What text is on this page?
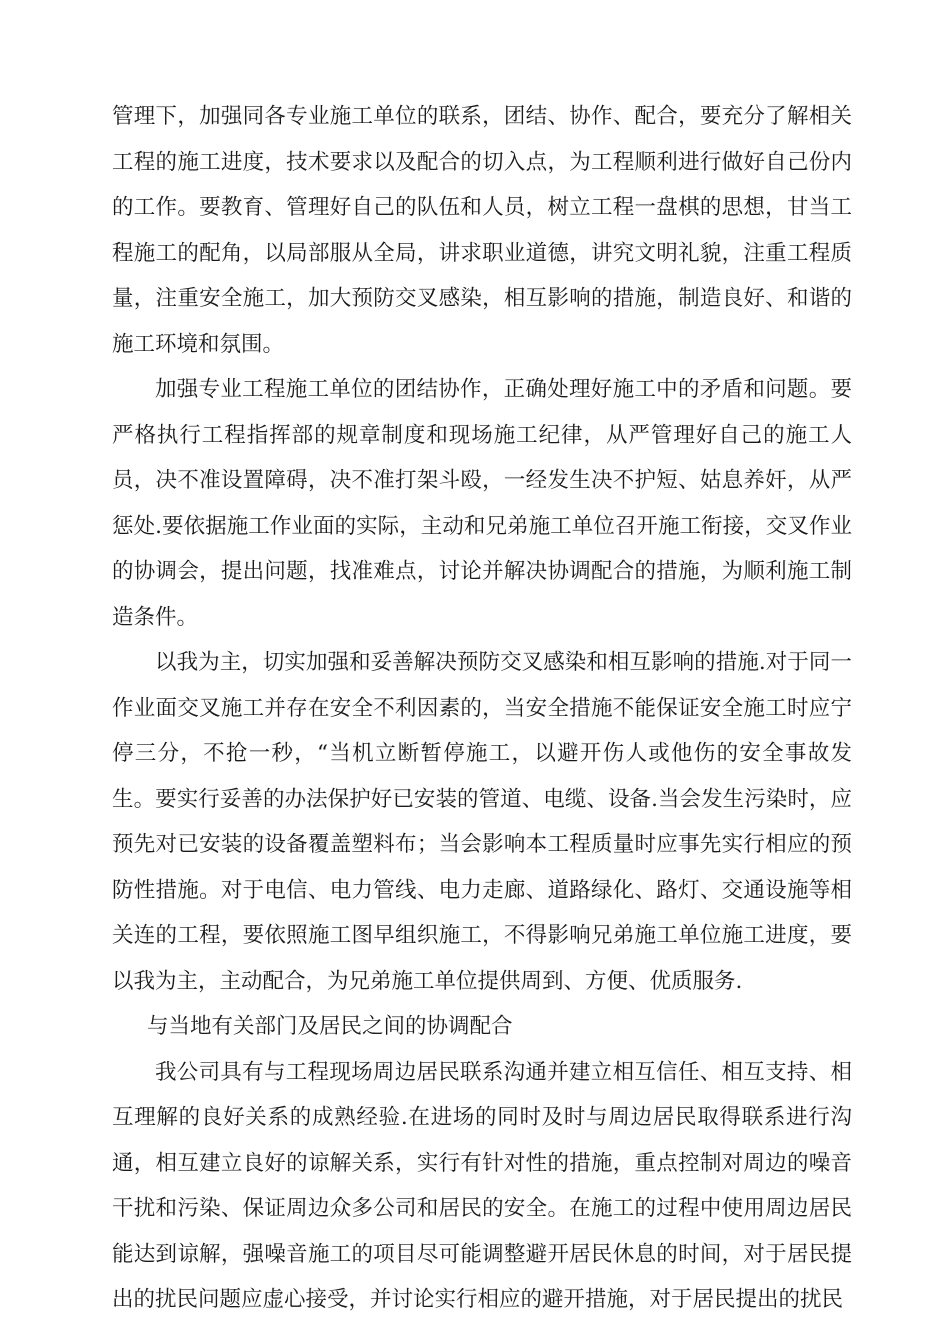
管理下，加强同各专业施工单位的联系，团结、协作、配合，要充分了解相关工程的施工进度，技术要求以及配合的切入点，为工程顺利进行做好自己份内的工作。要教育、管理好自己的队伍和人员，树立工程一盘棋的思想，甘当工程施工的配角，以局部服从全局，讲求职业道德，讲究文明礼貌，注重工程质量，注重安全施工，加大预防交叉感染，相互影响的措施，制造良好、和谐的施工环境和氛围。

加强专业工程施工单位的团结协作，正确处理好施工中的矛盾和问题。要严格执行工程指挥部的规章制度和现场施工纪律，从严管理好自己的施工人员，决不准设置障碍，决不准打架斗殴，一经发生决不护短、姑息养奸，从严惩处.要依据施工作业面的实际，主动和兄弟施工单位召开施工衔接，交叉作业的协调会，提出问题，找准难点，讨论并解决协调配合的措施，为顺利施工制造条件。

以我为主，切实加强和妥善解决预防交叉感染和相互影响的措施.对于同一作业面交叉施工并存在安全不利因素的，当安全措施不能保证安全施工时应宁停三分，不抢一秒，“当机立断暂停施工，以避开伤人或他伤的安全事故发生。要实行妥善的办法保护好已安装的管道、电缆、设备.当会发生污染时，应预先对已安装的设备覆盖塑料布；当会影响本工程质量时应事先实行相应的预防性措施。对于电信、电力管线、电力走廊、道路绿化、路灯、交通设施等相关连的工程，要依照施工图早组织施工，不得影响兄弟施工单位施工进度，要以我为主，主动配合，为兄弟施工单位提供周到、方便、优质服务.

与当地有关部门及居民之间的协调配合

我公司具有与工程现场周边居民联系沟通并建立相互信任、相互支持、相互理解的良好关系的成熟经验.在进场的同时及时与周边居民取得联系进行沟通，相互建立良好的谅解关系，实行有针对性的措施，重点控制对周边的噪音干扰和污染、保证周边众多公司和居民的安全。在施工的过程中使用周边居民能达到谅解，强噪音施工的项目尽可能调整避开居民休息的时间，对于居民提出的扰民问题应虚心接受，并讨论实行相应的避开措施，对于居民提出的扰民
